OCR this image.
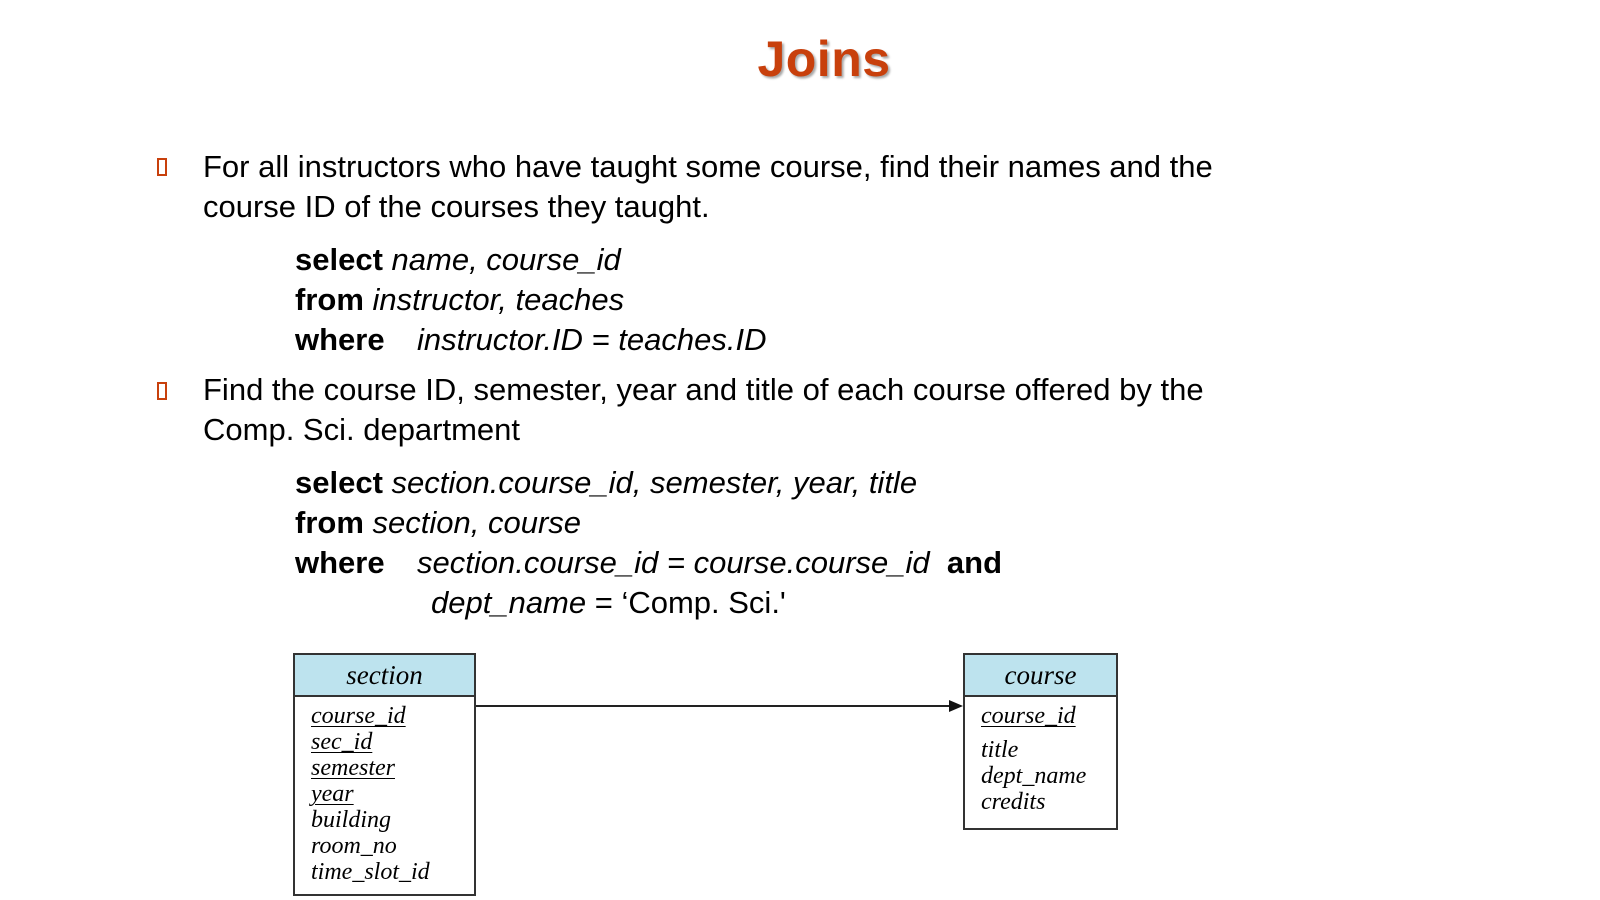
Joins
For all instructors who have taught some course, find their names and the course ID of the courses they taught.
select name, course_id
from instructor, teaches
where instructor.ID = teaches.ID
Find the course ID, semester, year and title of each course offered by the Comp. Sci. department
select section.course_id, semester, year, title
from section, course
where section.course_id = course.course_id and
dept_name = ‘Comp. Sci.'
section
course_id
sec_id
semester
year
building
room_no
time_slot_id
course
course_id
title
dept_name
credits
